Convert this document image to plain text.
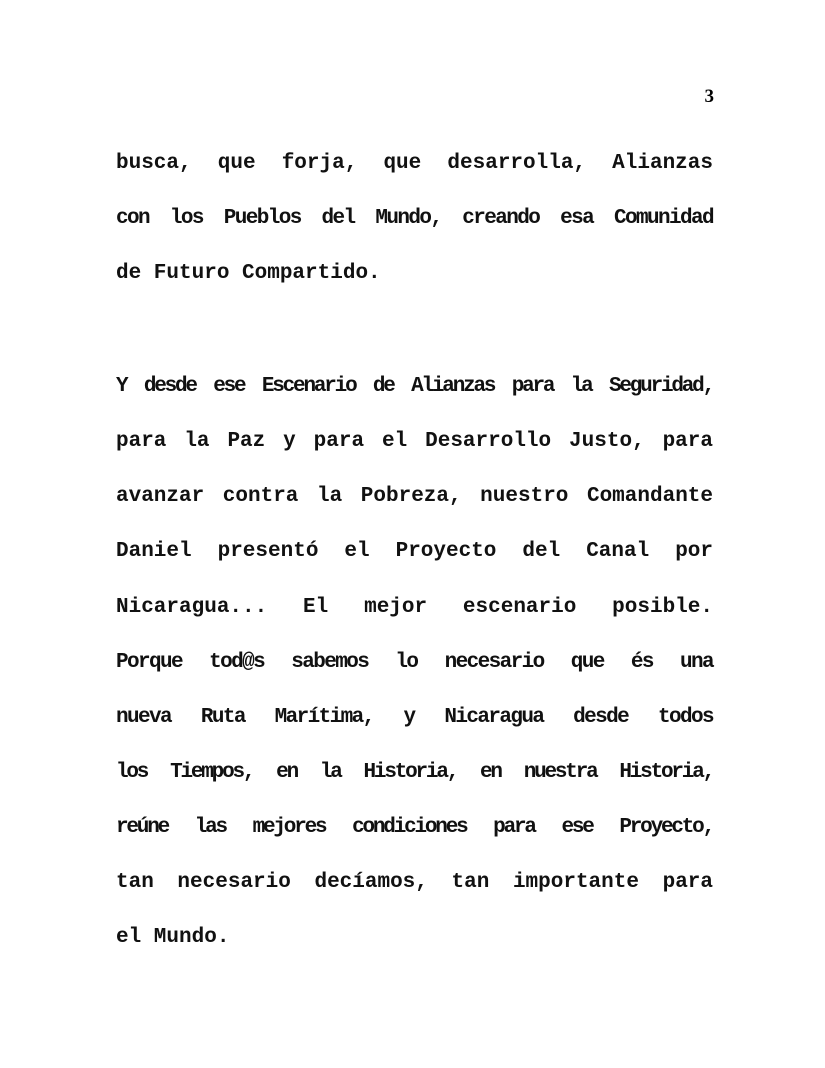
3
busca, que forja, que desarrolla, Alianzas
con los Pueblos del Mundo, creando esa Comunidad
de Futuro Compartido.
Y desde ese Escenario de Alianzas para la Seguridad,
para la Paz y para el Desarrollo Justo, para
avanzar contra la Pobreza, nuestro Comandante
Daniel presentó el Proyecto del Canal por
Nicaragua... El mejor escenario posible.
Porque tod@s sabemos lo necesario que és una
nueva Ruta Marítima, y Nicaragua desde todos
los Tiempos, en la Historia, en nuestra Historia,
reúne las mejores condiciones para ese Proyecto,
tan necesario decíamos, tan importante para
el Mundo.
